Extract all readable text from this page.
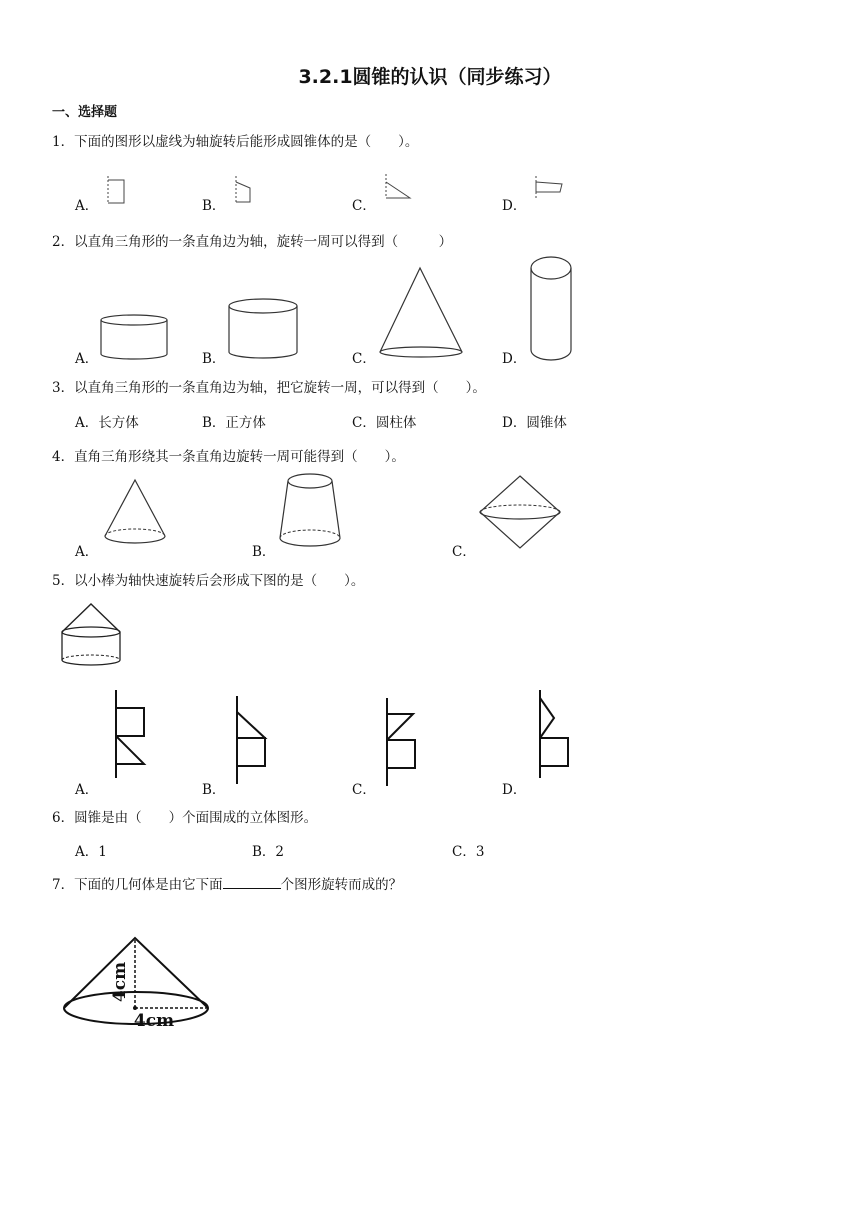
3.2.1圆锥的认识（同步练习）
一、选择题
1．下面的图形以虚线为轴旋转后能形成圆锥体的是（　　）。
A．	B．	C．	D．
2．以直角三角形的一条直角边为轴，旋转一周可以得到（　　　）
A．	B．	C．	D．
3．以直角三角形的一条直角边为轴，把它旋转一周，可以得到（　　）。
A．长方体	B．正方体	C．圆柱体	D．圆锥体
4．直角三角形绕其一条直角边旋转一周可能得到（　　）。
A．	B．	C．
5．以小棒为轴快速旋转后会形成下图的是（　　）。
A．	B．	C．	D．
6．圆锥是由（　　）个面围成的立体图形。
A．1	B．2	C．3
7．下面的几何体是由它下面	个图形旋转而成的？
4cm
4cm
